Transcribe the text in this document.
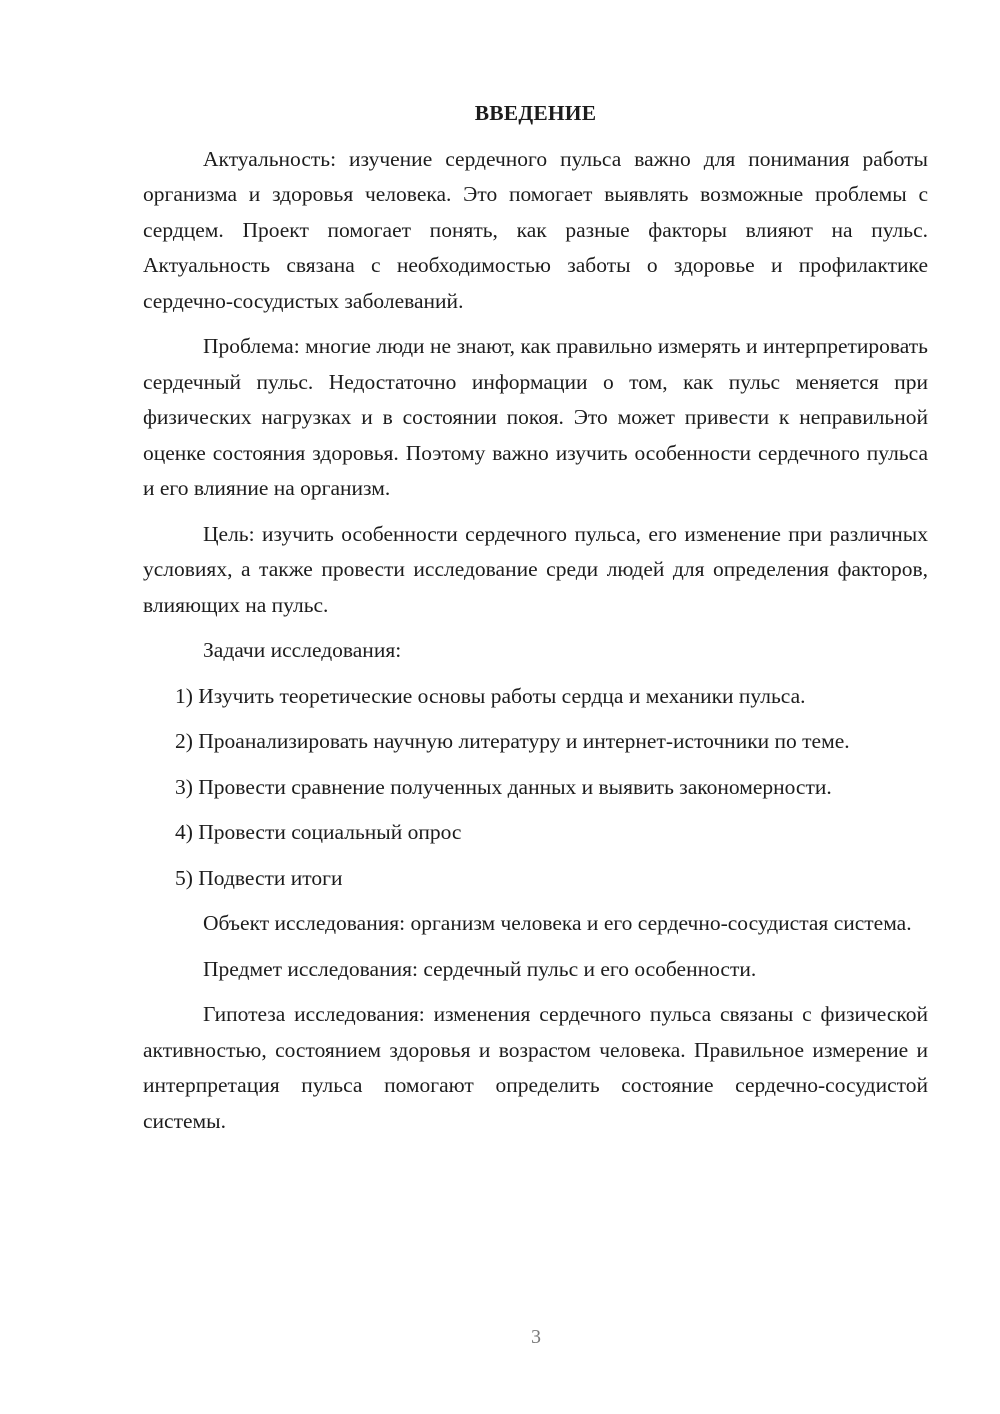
ВВЕДЕНИЕ

Актуальность: изучение сердечного пульса важно для понимания работы организма и здоровья человека. Это помогает выявлять возможные проблемы с сердцем. Проект помогает понять, как разные факторы влияют на пульс. Актуальность связана с необходимостью заботы о здоровье и профилактике сердечно-сосудистых заболеваний.

Проблема: многие люди не знают, как правильно измерять и интерпретировать сердечный пульс. Недостаточно информации о том, как пульс меняется при физических нагрузках и в состоянии покоя. Это может привести к неправильной оценке состояния здоровья. Поэтому важно изучить особенности сердечного пульса и его влияние на организм.

Цель: изучить особенности сердечного пульса, его изменение при различных условиях, а также провести исследование среди людей для определения факторов, влияющих на пульс.

Задачи исследования:

1) Изучить теоретические основы работы сердца и механики пульса.

2) Проанализировать научную литературу и интернет-источники по теме.

3) Провести сравнение полученных данных и выявить закономерности.

4) Провести социальный опрос

5) Подвести итоги

Объект исследования: организм человека и его сердечно-сосудистая система.

Предмет исследования: сердечный пульс и его особенности.

Гипотеза исследования: изменения сердечного пульса связаны с физической активностью, состоянием здоровья и возрастом человека. Правильное измерение и интерпретация пульса помогают определить состояние сердечно-сосудистой системы.

3
